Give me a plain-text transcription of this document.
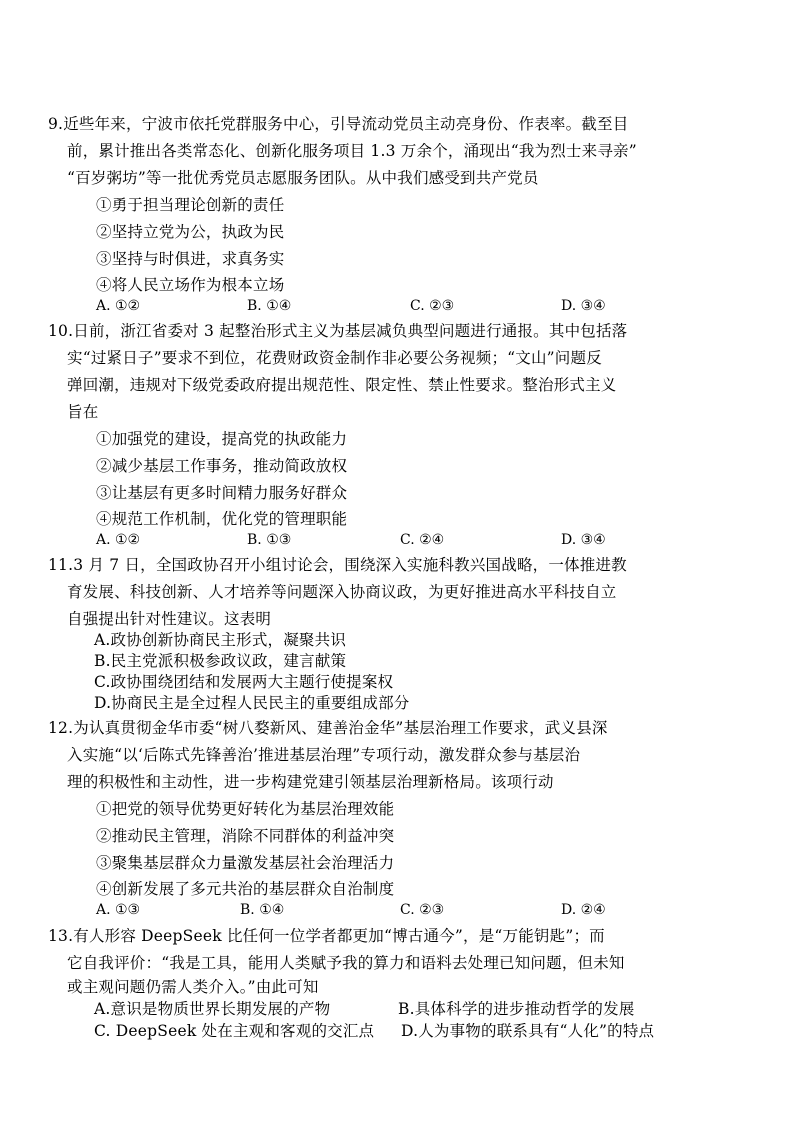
9.近些年来，宁波市依托党群服务中心，引导流动党员主动亮身份、作表率。截至目
前，累计推出各类常态化、创新化服务项目 1.3 万余个，涌现出“我为烈士来寻亲”
“百岁粥坊”等一批优秀党员志愿服务团队。从中我们感受到共产党员
①勇于担当理论创新的责任
②坚持立党为公，执政为民
③坚持与时俱进，求真务实
④将人民立场作为根本立场
A. ①②	B. ①④	C. ②③	D. ③④
10.日前，浙江省委对 3 起整治形式主义为基层减负典型问题进行通报。其中包括落
实“过紧日子”要求不到位，花费财政资金制作非必要公务视频；“文山”问题反
弹回潮，违规对下级党委政府提出规范性、限定性、禁止性要求。整治形式主义
旨在
①加强党的建设，提高党的执政能力
②减少基层工作事务，推动简政放权
③让基层有更多时间精力服务好群众
④规范工作机制，优化党的管理职能
A. ①②	B. ①③	C. ②④	D. ③④
11.3 月 7 日，全国政协召开小组讨论会，围绕深入实施科教兴国战略，一体推进教
育发展、科技创新、人才培养等问题深入协商议政，为更好推进高水平科技自立
自强提出针对性建议。这表明
A.政协创新协商民主形式，凝聚共识
B.民主党派积极参政议政，建言献策
C.政协围绕团结和发展两大主题行使提案权
D.协商民主是全过程人民民主的重要组成部分
12.为认真贯彻金华市委“树八婺新风、建善治金华”基层治理工作要求，武义县深
入实施“以‘后陈式先锋善治’推进基层治理”专项行动，激发群众参与基层治
理的积极性和主动性，进一步构建党建引领基层治理新格局。该项行动
①把党的领导优势更好转化为基层治理效能
②推动民主管理，消除不同群体的利益冲突
③聚集基层群众力量激发基层社会治理活力
④创新发展了多元共治的基层群众自治制度
A. ①③	B. ①④	C. ②③	D. ②④
13.有人形容 DeepSeek 比任何一位学者都更加“博古通今”，是“万能钥匙”；而
它自我评价：“我是工具，能用人类赋予我的算力和语料去处理已知问题，但未知
或主观问题仍需人类介入。”由此可知
A.意识是物质世界长期发展的产物	B.具体科学的进步推动哲学的发展
C. DeepSeek 处在主观和客观的交汇点 D.人为事物的联系具有“人化”的特点
